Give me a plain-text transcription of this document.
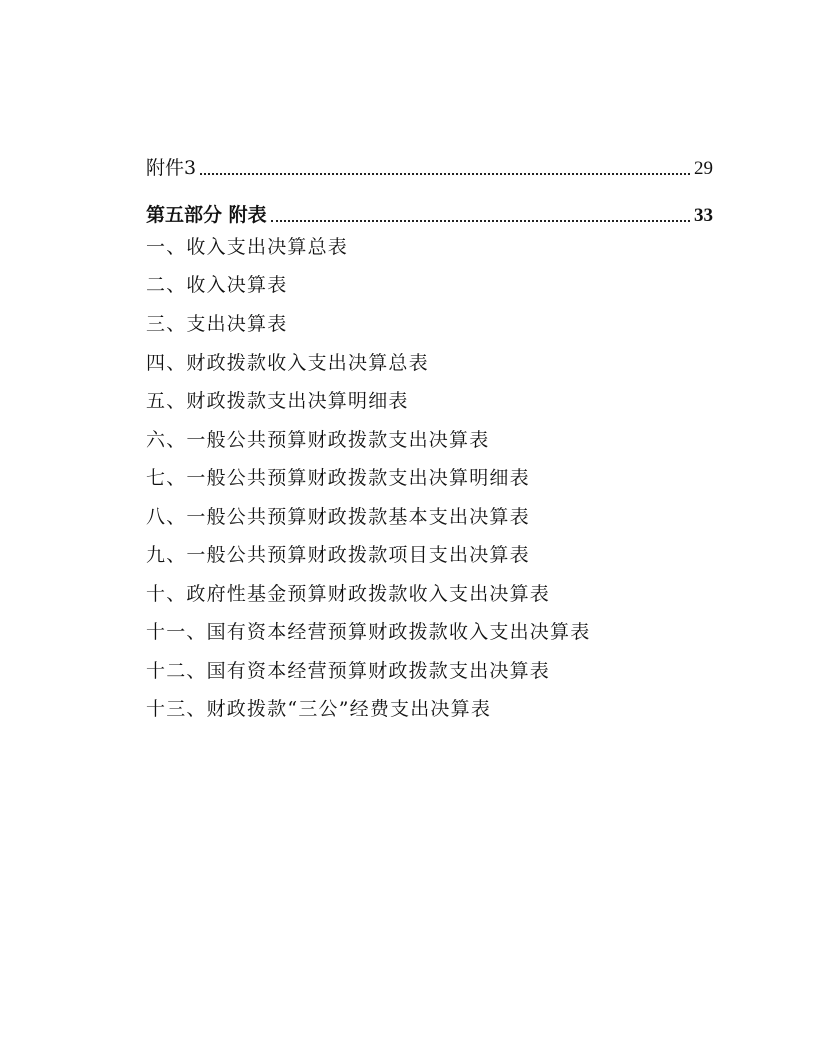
附件3	29
第五部分 附表	33
一、收入支出决算总表
二、收入决算表
三、支出决算表
四、财政拨款收入支出决算总表
五、财政拨款支出决算明细表
六、一般公共预算财政拨款支出决算表
七、一般公共预算财政拨款支出决算明细表
八、一般公共预算财政拨款基本支出决算表
九、一般公共预算财政拨款项目支出决算表
十、政府性基金预算财政拨款收入支出决算表
十一、国有资本经营预算财政拨款收入支出决算表
十二、国有资本经营预算财政拨款支出决算表
十三、财政拨款“三公”经费支出决算表
